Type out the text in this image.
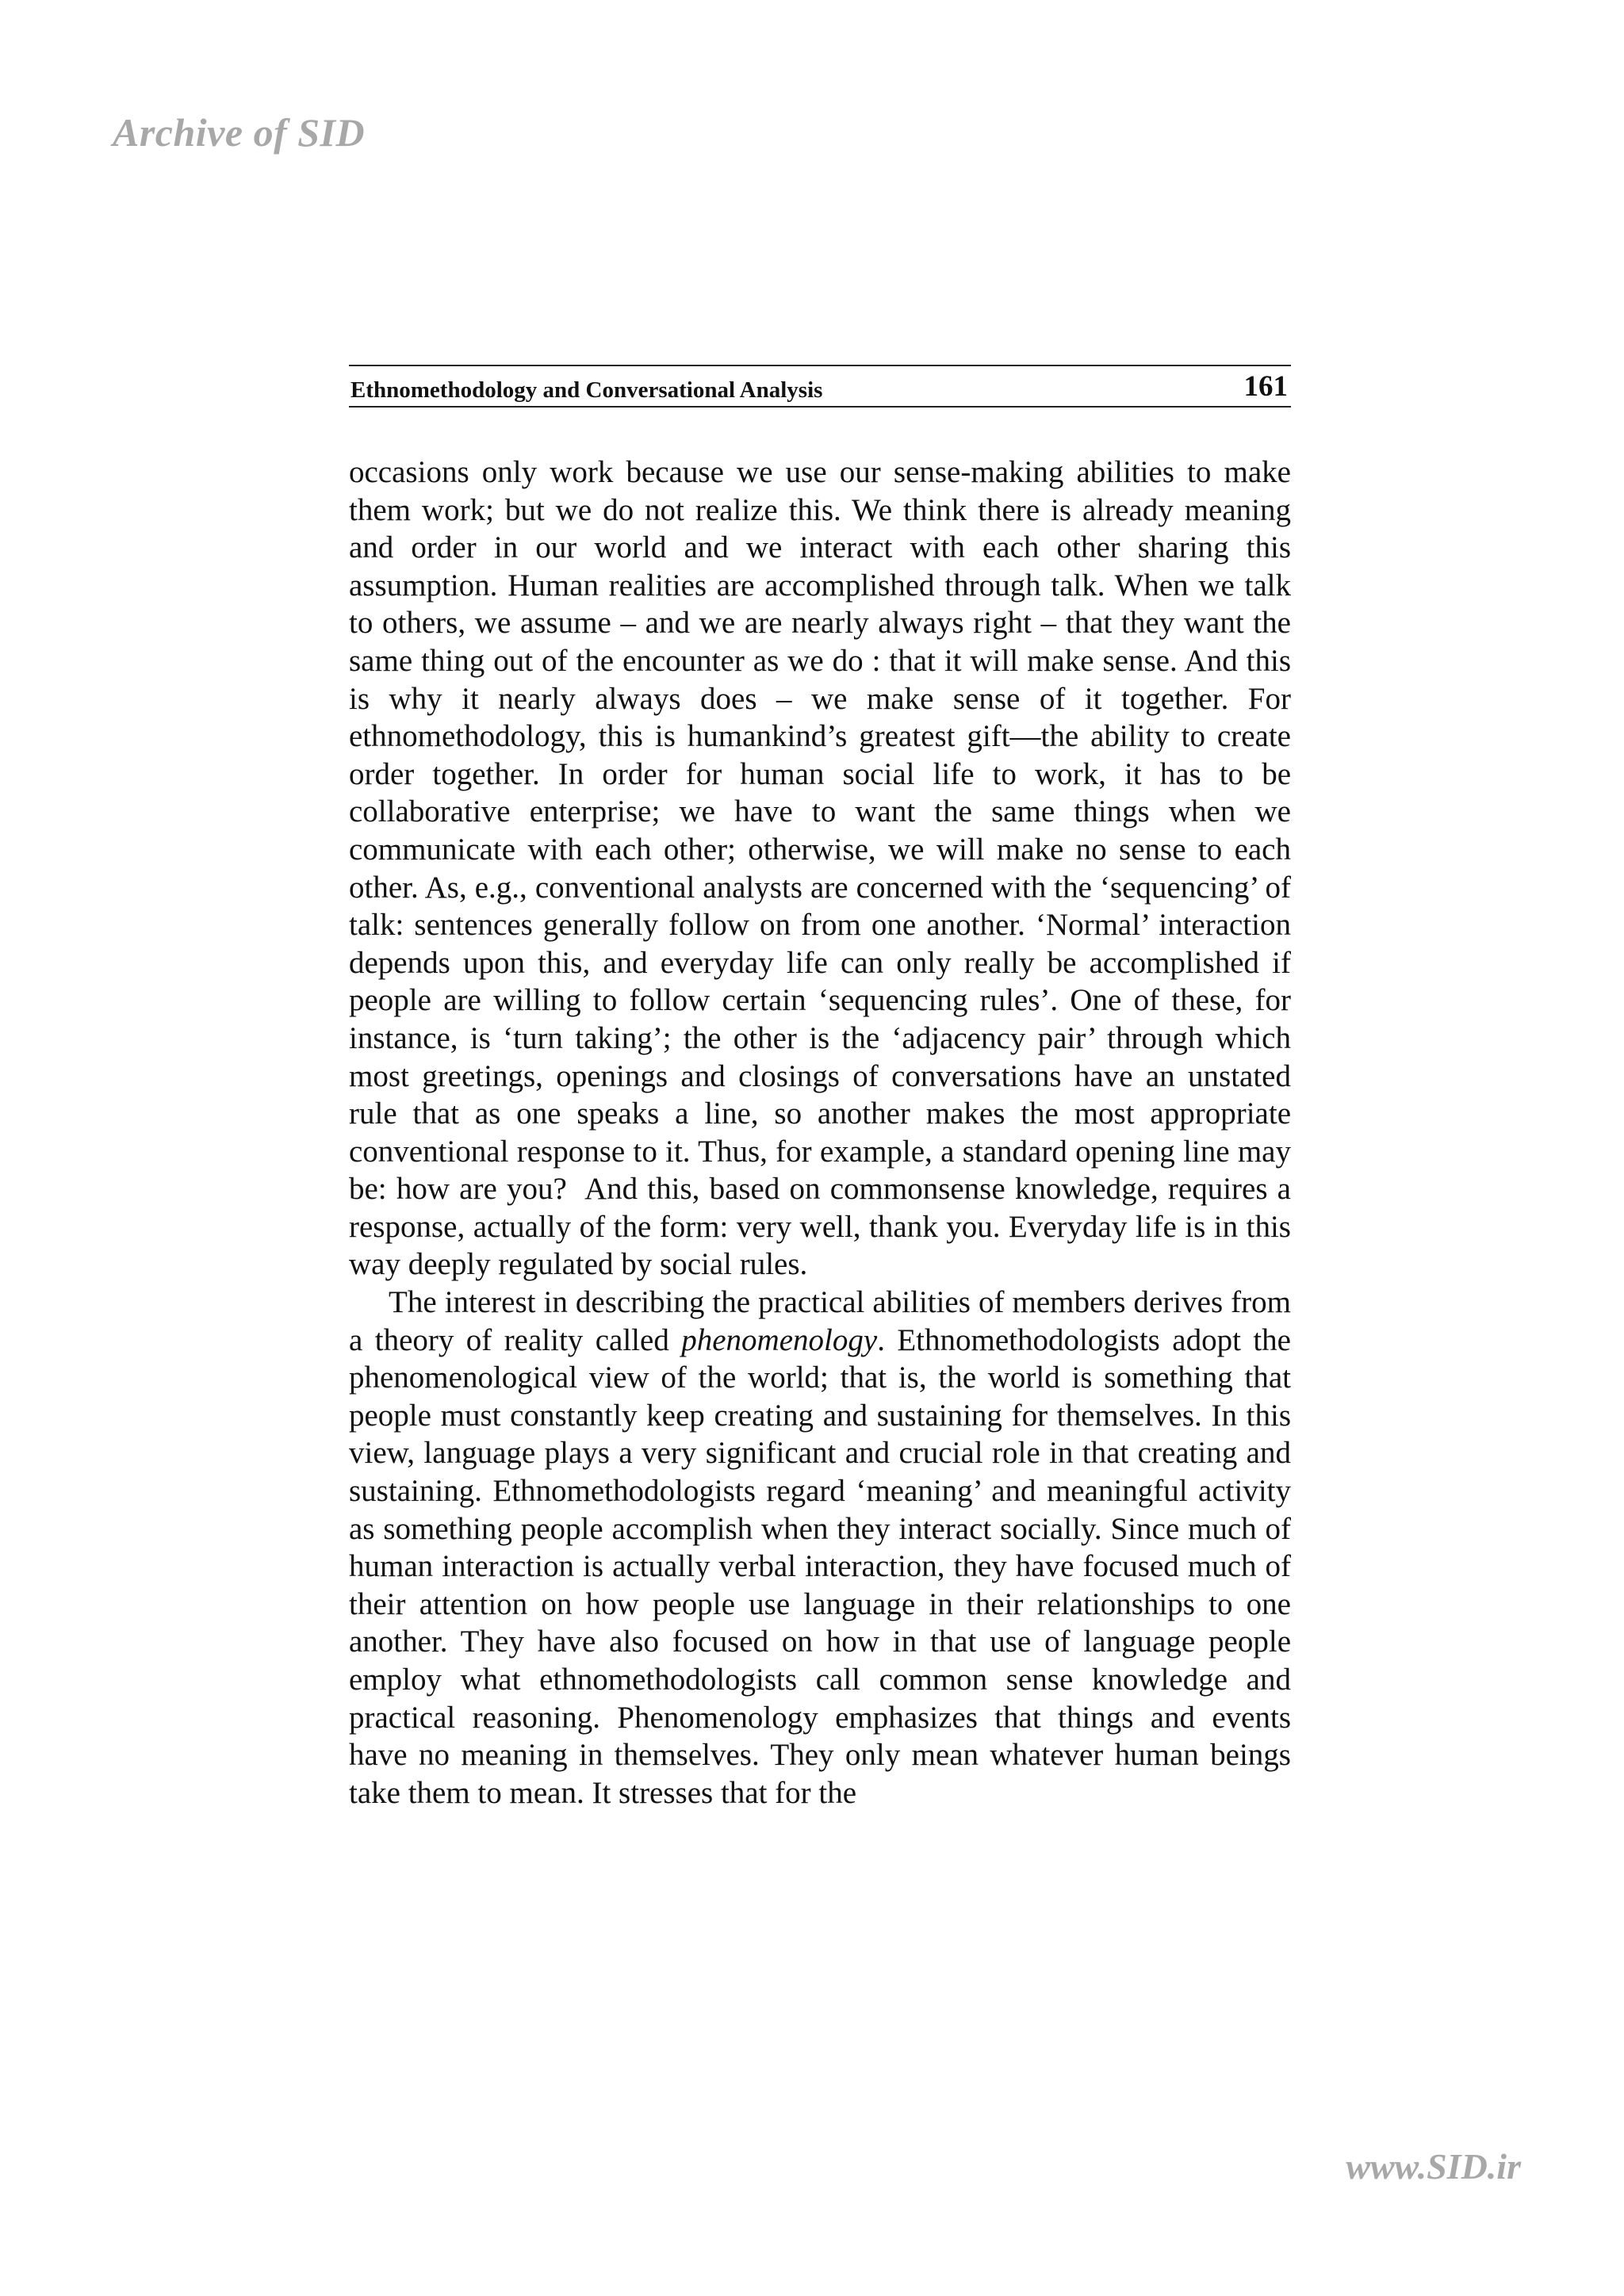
Archive of SID
Ethnomethodology and Conversational Analysis	161

occasions only work because we use our sense-making abilities to make them work; but we do not realize this. We think there is already meaning and order in our world and we interact with each other sharing this assumption. Human realities are accomplished through talk. When we talk to others, we assume – and we are nearly always right – that they want the same thing out of the encounter as we do : that it will make sense. And this is why it nearly always does – we make sense of it together. For ethnomethodology, this is humankind’s greatest gift—the ability to create order together. In order for human social life to work, it has to be collaborative enterprise; we have to want the same things when we communicate with each other; otherwise, we will make no sense to each other. As, e.g., conventional analysts are concerned with the ‘sequencing’ of talk: sentences generally follow on from one another. ‘Normal’ interaction depends upon this, and everyday life can only really be accomplished if people are willing to follow certain ‘sequencing rules’. One of these, for instance, is ‘turn taking’; the other is the ‘adjacency pair’ through which most greetings, openings and closings of conversations have an unstated rule that as one speaks a line, so another makes the most appropriate conventional response to it. Thus, for example, a standard opening line may be: how are you?  And this, based on commonsense knowledge, requires a response, actually of the form: very well, thank you. Everyday life is in this way deeply regulated by social rules.

The interest in describing the practical abilities of members derives from a theory of reality called phenomenology. Ethnomethodologists adopt the phenomenological view of the world; that is, the world is something that people must constantly keep creating and sustaining for themselves. In this view, language plays a very significant and crucial role in that creating and sustaining. Ethnomethodologists regard ‘meaning’ and meaningful activity as something people accomplish when they interact socially. Since much of human interaction is actually verbal interaction, they have focused much of their attention on how people use language in their relationships to one another. They have also focused on how in that use of language people employ what ethnomethodologists call common sense knowledge and practical reasoning. Phenomenology emphasizes that things and events have no meaning in themselves. They only mean whatever human beings take them to mean. It stresses that for the

www.SID.ir
